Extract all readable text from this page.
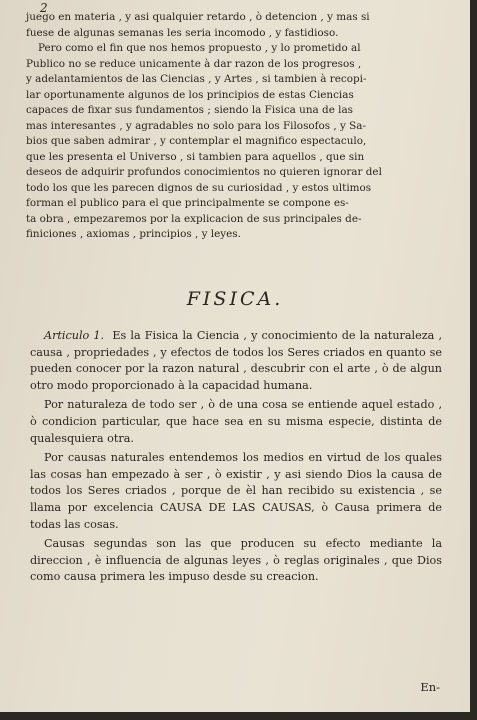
2
juego en materia , y asi qualquier retardo , ò detencion , y mas si
fuese de algunas semanas les seria incomodo , y fastidioso.
Pero como el fin que nos hemos propuesto , y lo prometido al
Publico no se reduce unicamente à dar razon de los progresos ,
y adelantamientos de las Ciencias , y Artes , si tambien à recopi-
lar oportunamente algunos de los principios de estas Ciencias
capaces de fixar sus fundamentos ; siendo la Fisica una de las
mas interesantes , y agradables no solo para los Filosofos , y Sa-
bios que saben admirar , y contemplar el magnifico espectaculo,
que les presenta el Universo , si tambien para aquellos , que sin
deseos de adquirir profundos conocimientos no quieren ignorar del
todo los que les parecen dignos de su curiosidad , y estos ultimos
forman el publico para el que principalmente se compone es-
ta obra , empezaremos por la explicacion de sus principales de-
finiciones , axiomas , principios , y leyes.
FISICA.

Articulo 1. Es la Fisica la Ciencia , y conocimiento de la naturaleza , causa , propriedades , y efectos de todos los Seres criados en quanto se pueden conocer por la razon natural , descubrir con el arte , ò de algun otro modo proporcionado à la capacidad humana.

Por naturaleza de todo ser , ò de una cosa se entiende aquel estado , ò condicion particular, que hace sea en su misma especie, distinta de qualesquiera otra.

Por causas naturales entendemos los medios en virtud de los quales las cosas han empezado à ser , ò existir , y asi siendo Dios la causa de todos los Seres criados , porque de èl han recibido su existencia , se llama por excelencia CAUSA DE LAS CAUSAS, ò Causa primera de todas las cosas.

Causas segundas son las que producen su efecto mediante la direccion , è influencia de algunas leyes , ò reglas originales , que Dios como causa primera les impuso desde su creacion.

En-
